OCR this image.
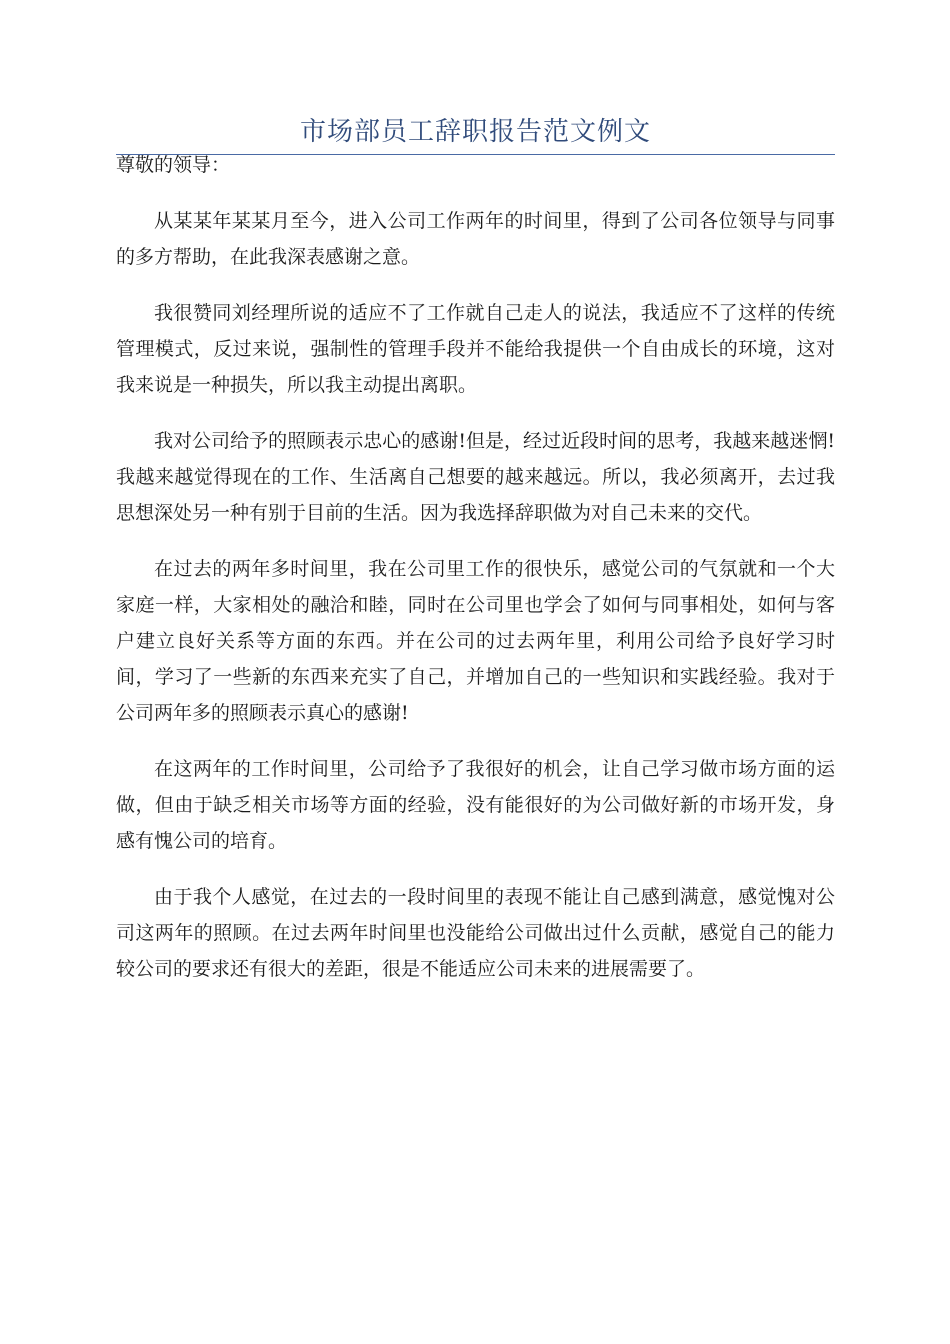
市场部员工辞职报告范文例文

尊敬的领导：

从某某年某某月至今，进入公司工作两年的时间里，得到了公司各位领导与同事的多方帮助，在此我深表感谢之意。

我很赞同刘经理所说的适应不了工作就自己走人的说法，我适应不了这样的传统管理模式，反过来说，强制性的管理手段并不能给我提供一个自由成长的环境，这对我来说是一种损失，所以我主动提出离职。

我对公司给予的照顾表示忠心的感谢!但是，经过近段时间的思考，我越来越迷惘!我越来越觉得现在的工作、生活离自己想要的越来越远。所以，我必须离开，去过我思想深处另一种有别于目前的生活。因为我选择辞职做为对自己未来的交代。

在过去的两年多时间里，我在公司里工作的很快乐，感觉公司的气氛就和一个大家庭一样，大家相处的融洽和睦，同时在公司里也学会了如何与同事相处，如何与客户建立良好关系等方面的东西。并在公司的过去两年里，利用公司给予良好学习时间，学习了一些新的东西来充实了自己，并增加自己的一些知识和实践经验。我对于公司两年多的照顾表示真心的感谢!

在这两年的工作时间里，公司给予了我很好的机会，让自己学习做市场方面的运做，但由于缺乏相关市场等方面的经验，没有能很好的为公司做好新的市场开发，身感有愧公司的培育。

由于我个人感觉，在过去的一段时间里的表现不能让自己感到满意，感觉愧对公司这两年的照顾。在过去两年时间里也没能给公司做出过什么贡献，感觉自己的能力较公司的要求还有很大的差距，很是不能适应公司未来的进展需要了。
